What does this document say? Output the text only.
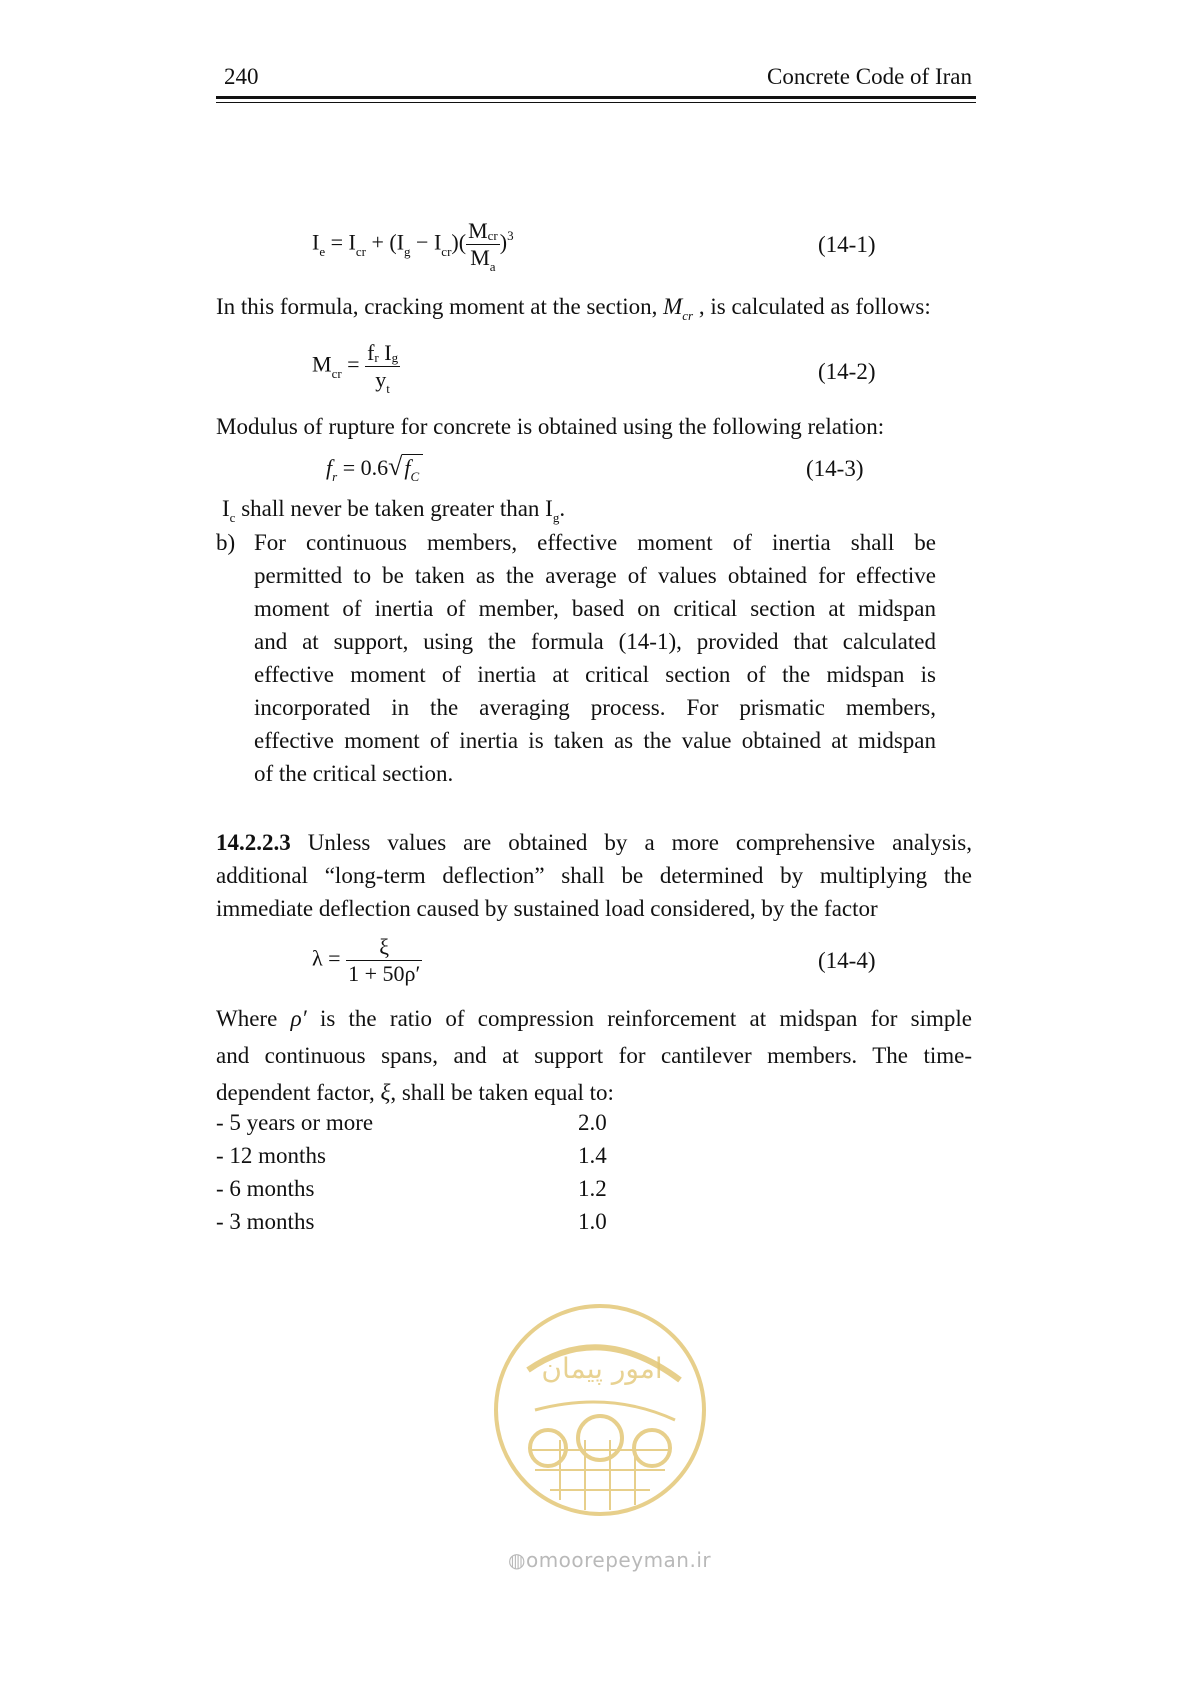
240	Concrete Code of Iran
$I_e = I_{cr} + (I_g - I_{cr})( \frac{\text{Mcr}}{M_a} )^3$	(14-1)
In this formula, cracking moment at the section, $M_{cr}$ , is calculated as follows:
$M_{cr} = \frac{\text{fr Ig}}{y_t}$	(14-2)
Modulus of rupture for concrete is obtained using the following relation:
$f_r = 0.6√f_C$	(14-3)
$I_c$ shall never be taken greater than $I_g$.
b) For continuous members, effective moment of inertia shall be
permitted to be taken as the average of values obtained for effective
moment of inertia of member, based on critical section at midspan
and at support, using the formula (14-1), provided that calculated
effective moment of inertia at critical section of the midspan is
incorporated in the averaging process. For prismatic members,
effective moment of inertia is taken as the value obtained at midspan
of the critical section.
14.2.2.3 Unless values are obtained by a more comprehensive analysis,
additional “long-term deflection” shall be determined by multiplying the
immediate deflection caused by sustained load considered, by the factor
$\lambda = \frac{\xi}{1 + 50\rho'}$	(14-4)
Where ρ′ is the ratio of compression reinforcement at midspan for simple
and continuous spans, and at support for cantilever members. The time-
dependent factor, ξ, shall be taken equal to:
- 5 years or more	2.0
- 12 months	1.4
- 6 months	1.2
- 3 months	1.0
امور پیمان
◍omoorepeyman.ir
